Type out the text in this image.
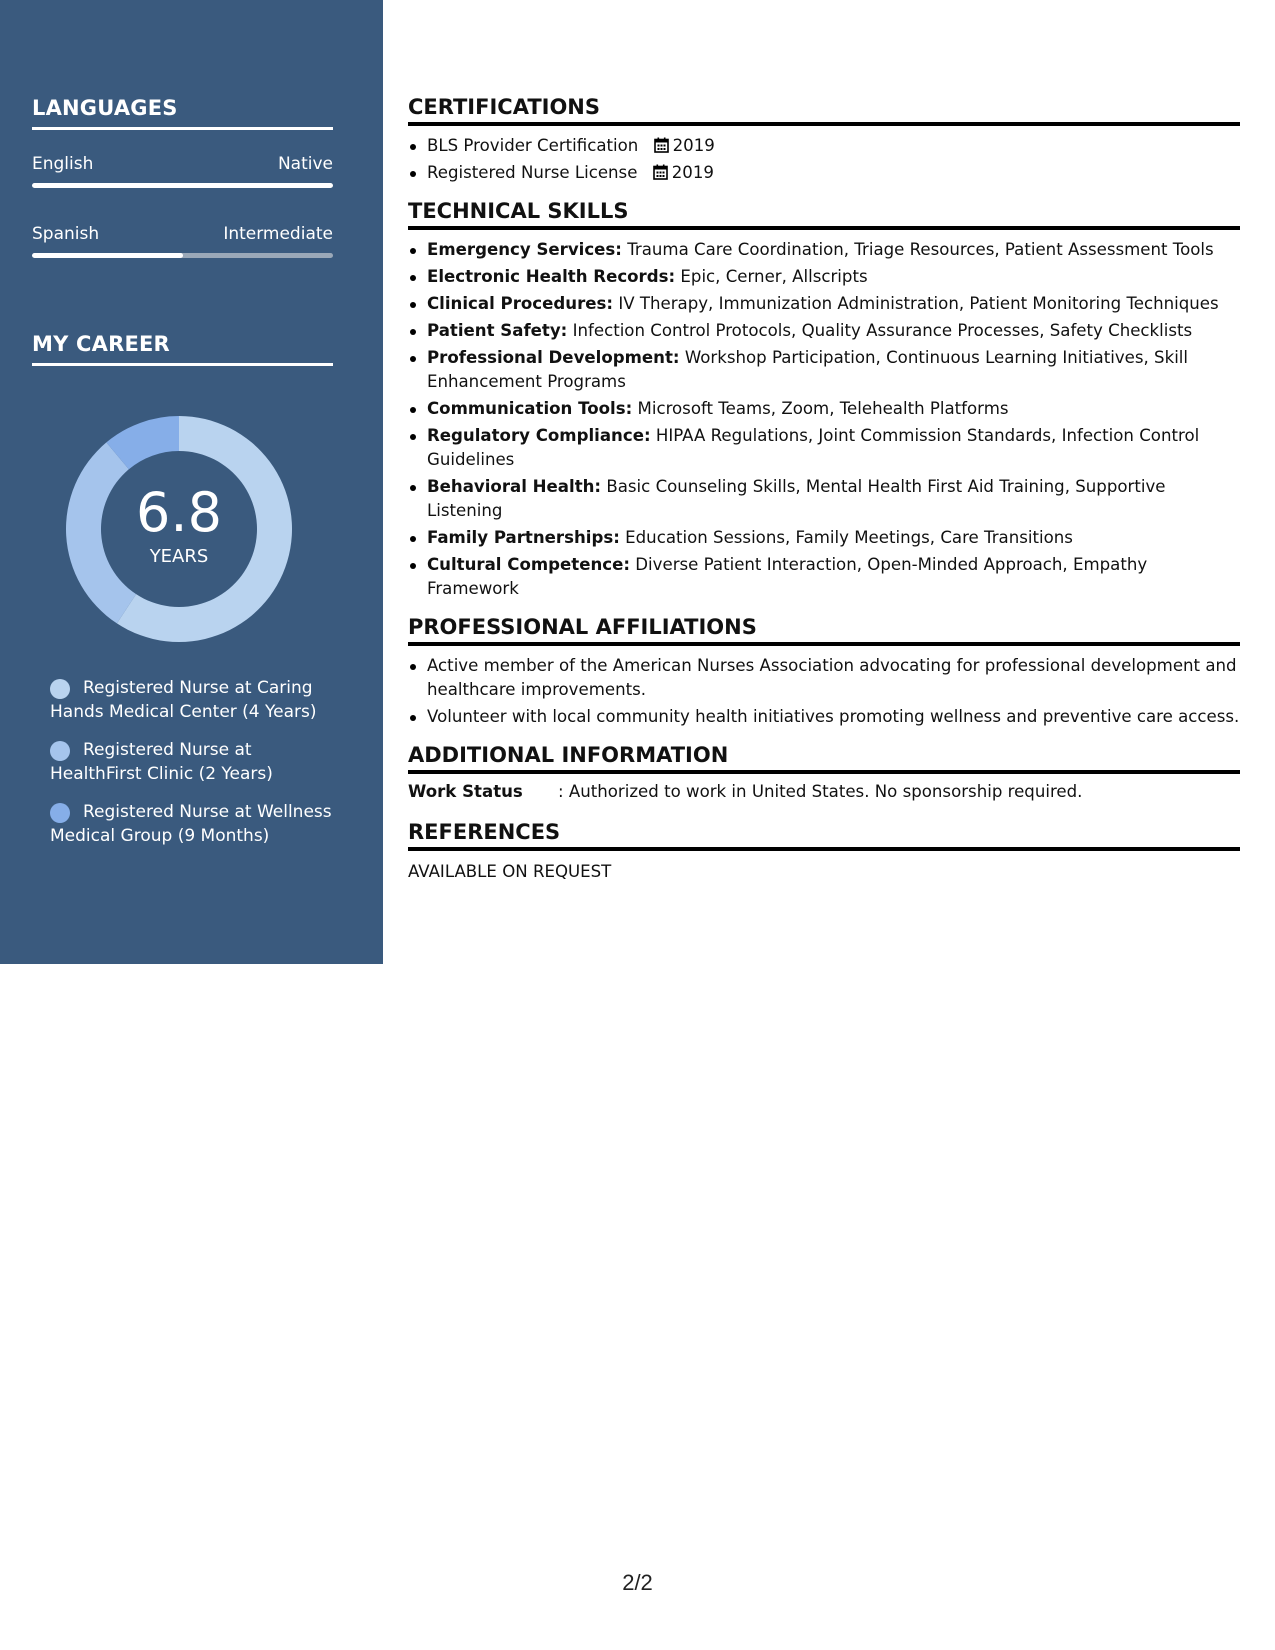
LANGUAGES
English	Native
Spanish	Intermediate
MY CAREER
6.8
YEARS
Registered Nurse at Caring Hands Medical Center (4 Years)
Registered Nurse at HealthFirst Clinic (2 Years)
Registered Nurse at Wellness Medical Group (9 Months)
CERTIFICATIONS
BLS Provider Certification 2019
Registered Nurse License 2019
TECHNICAL SKILLS
Emergency Services: Trauma Care Coordination, Triage Resources, Patient Assessment Tools
Electronic Health Records: Epic, Cerner, Allscripts
Clinical Procedures: IV Therapy, Immunization Administration, Patient Monitoring Techniques
Patient Safety: Infection Control Protocols, Quality Assurance Processes, Safety Checklists
Professional Development: Workshop Participation, Continuous Learning Initiatives, Skill Enhancement Programs
Communication Tools: Microsoft Teams, Zoom, Telehealth Platforms
Regulatory Compliance: HIPAA Regulations, Joint Commission Standards, Infection Control Guidelines
Behavioral Health: Basic Counseling Skills, Mental Health First Aid Training, Supportive Listening
Family Partnerships: Education Sessions, Family Meetings, Care Transitions
Cultural Competence: Diverse Patient Interaction, Open-Minded Approach, Empathy Framework
PROFESSIONAL AFFILIATIONS
Active member of the American Nurses Association advocating for professional development and healthcare improvements.
Volunteer with local community health initiatives promoting wellness and preventive care access.
ADDITIONAL INFORMATION
Work Status	: Authorized to work in United States. No sponsorship required.
REFERENCES
AVAILABLE ON REQUEST
2/2
